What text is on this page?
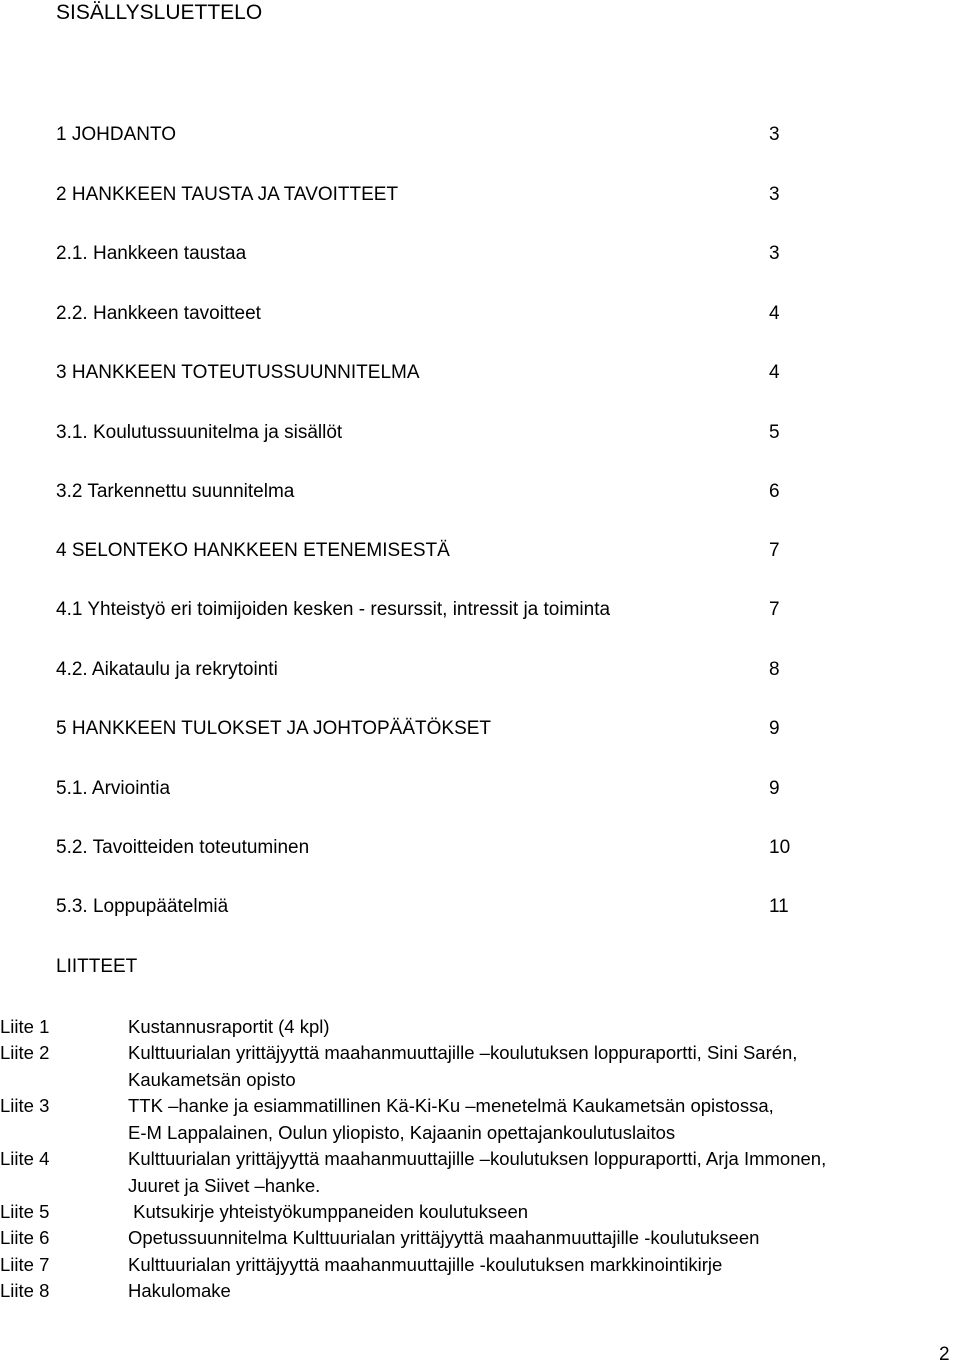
SISÄLLYSLUETTELO
1 JOHDANTO	3
2 HANKKEEN TAUSTA JA TAVOITTEET	3
2.1. Hankkeen taustaa	3
2.2. Hankkeen tavoitteet	4
3 HANKKEEN TOTEUTUSSUUNNITELMA	4
3.1. Koulutussuunitelma ja sisällöt	5
3.2 Tarkennettu suunnitelma	6
4 SELONTEKO HANKKEEN ETENEMISESTÄ	7
4.1 Yhteistyö eri toimijoiden kesken - resurssit, intressit ja toiminta	7
4.2. Aikataulu ja rekrytointi	8
5 HANKKEEN TULOKSET JA JOHTOPÄÄTÖKSET	9
5.1. Arviointia	9
5.2. Tavoitteiden toteutuminen	10
5.3. Loppupäätelmiä	11
LIITTEET
Liite 1	Kustannusraportit (4 kpl)
Liite 2	Kulttuurialan yrittäjyyttä maahanmuuttajille –koulutuksen loppuraportti, Sini Sarén,
Kaukametsän opisto
Liite 3	TTK –hanke ja esiammatillinen Kä-Ki-Ku –menetelmä Kaukametsän opistossa,
E-M Lappalainen, Oulun yliopisto, Kajaanin opettajankoulutuslaitos
Liite 4	Kulttuurialan yrittäjyyttä maahanmuuttajille –koulutuksen loppuraportti, Arja Immonen,
Juuret ja Siivet –hanke.
Liite 5	Kutsukirje yhteistyökumppaneiden koulutukseen
Liite 6	Opetussuunnitelma Kulttuurialan yrittäjyyttä maahanmuuttajille -koulutukseen
Liite 7	Kulttuurialan yrittäjyyttä maahanmuuttajille -koulutuksen markkinointikirje
Liite 8	Hakulomake
2
